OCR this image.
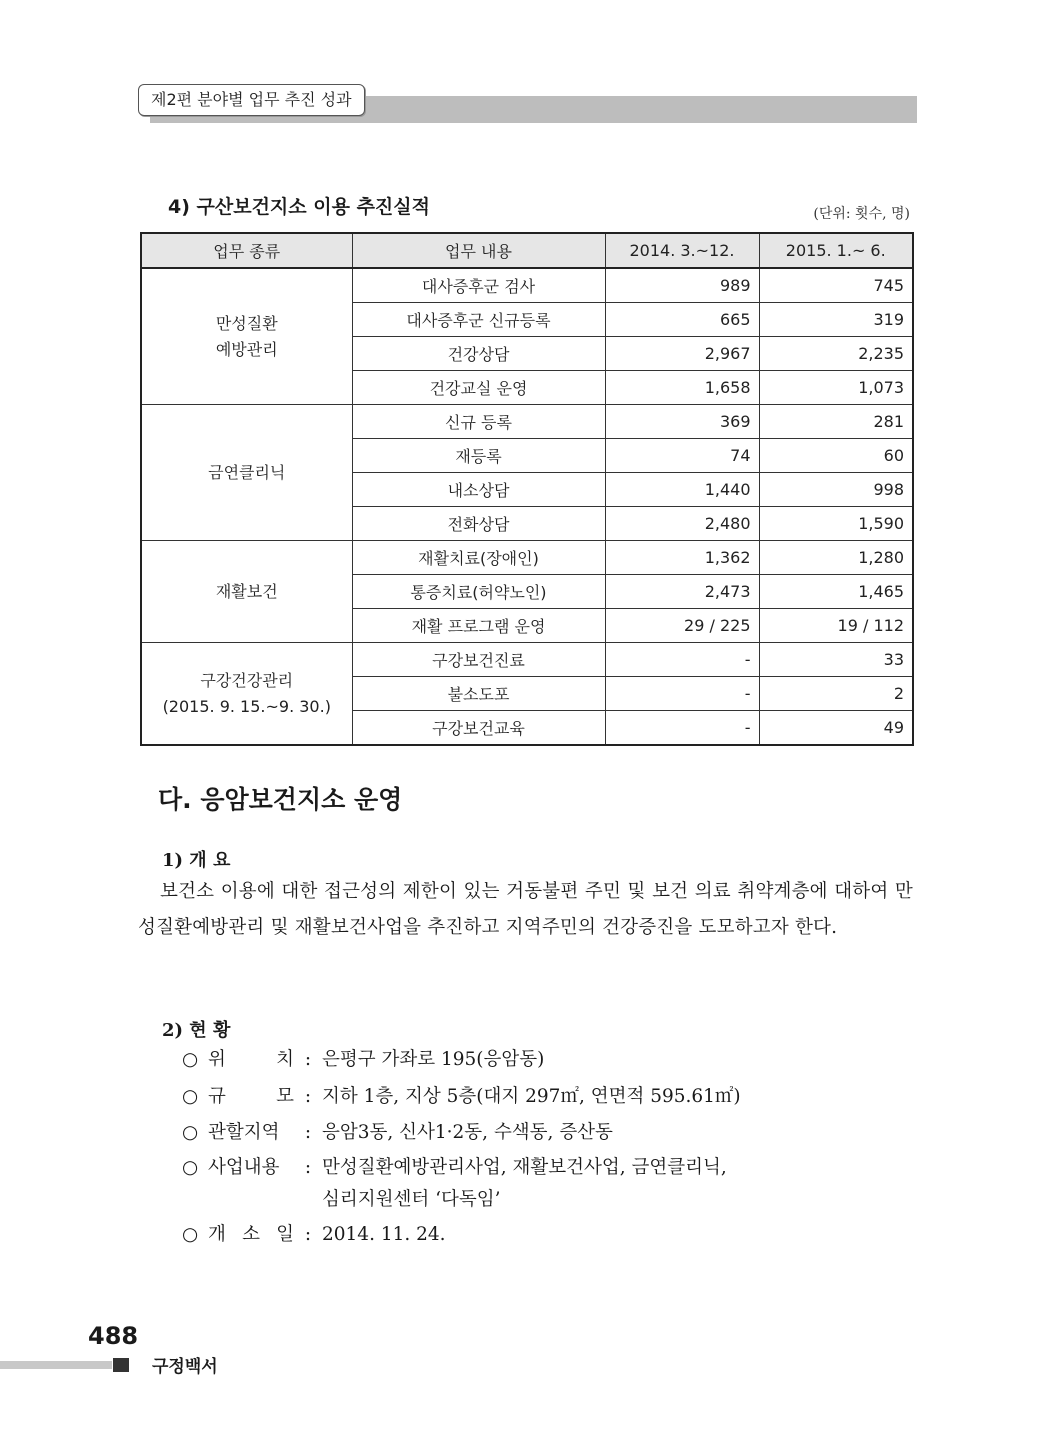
제2편 분야별 업무 추진 성과
4) 구산보건지소 이용 추진실적	(단위: 횟수, 명)
업무 종류	업무 내용	2014. 3.~12.	2015. 1.~ 6.
만성질환
예방관리	대사증후군 검사	989	745
	대사증후군 신규등록	665	319
	건강상담	2,967	2,235
	건강교실 운영	1,658	1,073
금연클리닉	신규 등록	369	281
	재등록	74	60
	내소상담	1,440	998
	전화상담	2,480	1,590
재활보건	재활치료(장애인)	1,362	1,280
	통증치료(허약노인)	2,473	1,465
	재활 프로그램 운영	29 / 225	19 / 112
구강건강관리
(2015. 9. 15.~9. 30.)	구강보건진료	-	33
	불소도포	-	2
	구강보건교육	-	49
다. 응암보건지소 운영
1) 개 요
보건소 이용에 대한 접근성의 제한이 있는 거동불편 주민 및 보건 의료 취약계층에 대하여 만성질환예방관리 및 재활보건사업을 추진하고 지역주민의 건강증진을 도모하고자 한다.
2) 현 황
○ 위 치 : 은평구 가좌로 195(응암동)
○ 규 모 : 지하 1층, 지상 5층(대지 297㎡, 연면적 595.61㎡)
○ 관할지역 : 응암3동, 신사1·2동, 수색동, 증산동
○ 사업내용 : 만성질환예방관리사업, 재활보건사업, 금연클리닉,
심리지원센터 ‘다독임’
○ 개 소 일 : 2014. 11. 24.
488
구정백서
